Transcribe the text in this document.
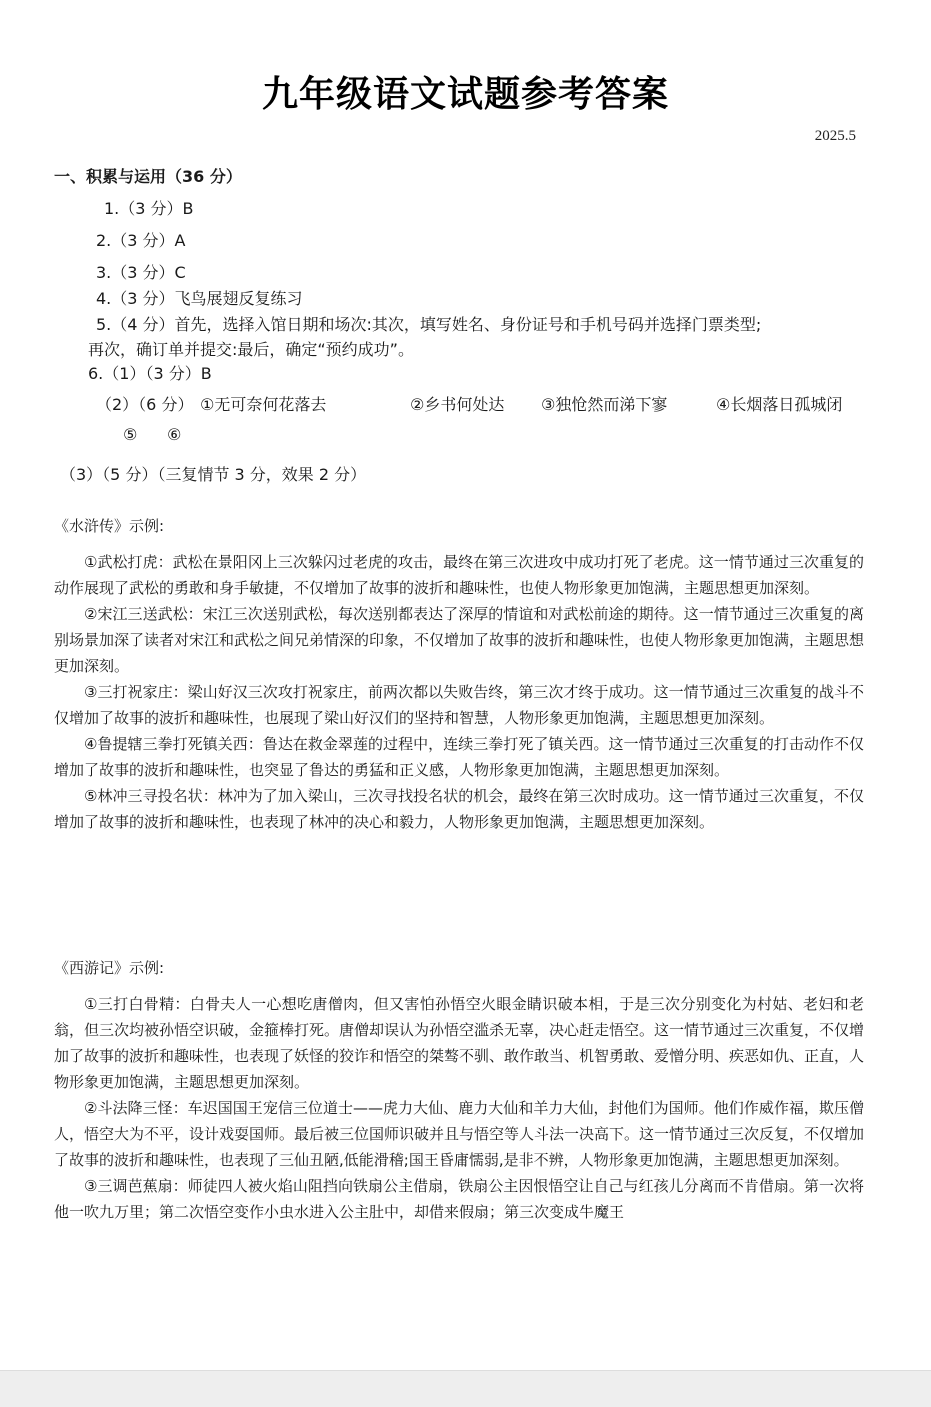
九年级语文试题参考答案
2025.5
一、积累与运用（36 分）
1.（3 分）B
2.（3 分）A
3.（3 分）C
4.（3 分）飞鸟展翅反复练习
5.（4 分）首先，选择入馆日期和场次:其次，填写姓名、身份证号和手机号码并选择门票类型;
再次，确订单并提交:最后，确定“预约成功”。
6.（1）（3 分）B
（2）（6 分） ①无可奈何花落去	②乡书何处达 ③独怆然而涕下寥	④长烟落日孤城闭
⑤ ⑥
（3）（5 分）（三复情节 3 分，效果 2 分）
《水浒传》示例:

①武松打虎：武松在景阳冈上三次躲闪过老虎的攻击，最终在第三次进攻中成功打死了老虎。这一情节通过三次重复的动作展现了武松的勇敢和身手敏捷，不仅增加了故事的波折和趣味性，也使人物形象更加饱满，主题思想更加深刻。

②宋江三送武松：宋江三次送别武松，每次送别都表达了深厚的情谊和对武松前途的期待。这一情节通过三次重复的离别场景加深了读者对宋江和武松之间兄弟情深的印象，不仅增加了故事的波折和趣味性，也使人物形象更加饱满，主题思想更加深刻。

③三打祝家庄：梁山好汉三次攻打祝家庄，前两次都以失败告终，第三次才终于成功。这一情节通过三次重复的战斗不仅增加了故事的波折和趣味性，也展现了梁山好汉们的坚持和智慧，人物形象更加饱满，主题思想更加深刻。

④鲁提辖三拳打死镇关西：鲁达在救金翠莲的过程中，连续三拳打死了镇关西。这一情节通过三次重复的打击动作不仅增加了故事的波折和趣味性，也突显了鲁达的勇猛和正义感，人物形象更加饱满，主题思想更加深刻。

⑤林冲三寻投名状：林冲为了加入梁山，三次寻找投名状的机会，最终在第三次时成功。这一情节通过三次重复，不仅增加了故事的波折和趣味性，也表现了林冲的决心和毅力，人物形象更加饱满，主题思想更加深刻。

《西游记》示例:

①三打白骨精：白骨夫人一心想吃唐僧肉，但又害怕孙悟空火眼金睛识破本相，于是三次分别变化为村姑、老妇和老翁，但三次均被孙悟空识破，金箍棒打死。唐僧却误认为孙悟空滥杀无辜，决心赶走悟空。这一情节通过三次重复，不仅增加了故事的波折和趣味性，也表现了妖怪的狡诈和悟空的桀骜不驯、敢作敢当、机智勇敢、爱憎分明、疾恶如仇、正直，人物形象更加饱满，主题思想更加深刻。

②斗法降三怪：车迟国国王宠信三位道士——虎力大仙、鹿力大仙和羊力大仙，封他们为国师。他们作威作福，欺压僧人，悟空大为不平，设计戏耍国师。最后被三位国师识破并且与悟空等人斗法一决高下。这一情节通过三次反复，不仅增加了故事的波折和趣味性，也表现了三仙丑陋,低能滑稽;国王昏庸懦弱,是非不辨，人物形象更加饱满，主题思想更加深刻。

③三调芭蕉扇：师徒四人被火焰山阻挡向铁扇公主借扇，铁扇公主因恨悟空让自己与红孩儿分离而不肯借扇。第一次将他一吹九万里；第二次悟空变作小虫水进入公主肚中，却借来假扇；第三次变成牛魔王
